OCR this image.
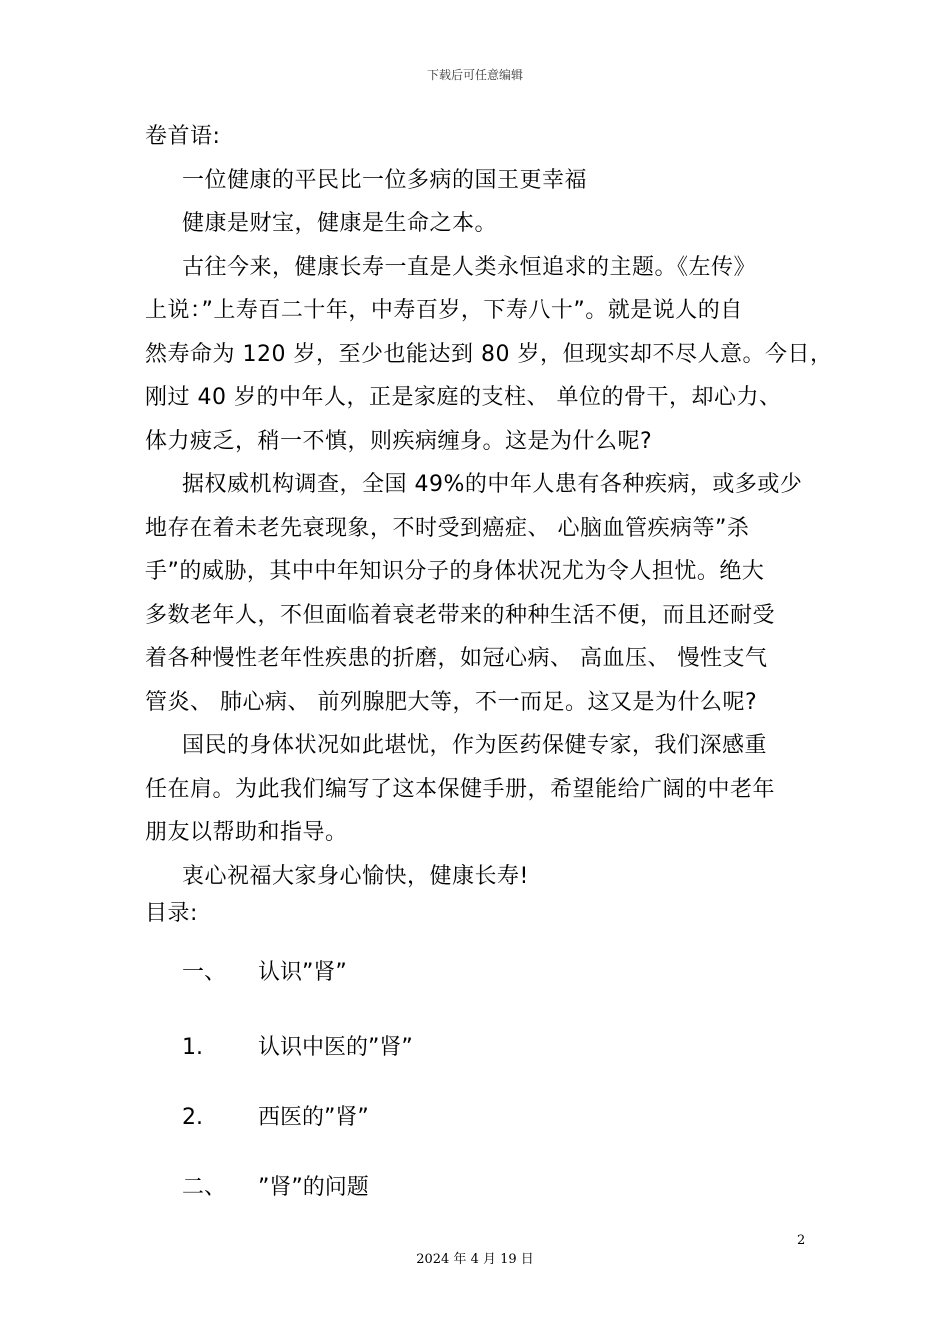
下载后可任意编辑
卷首语:
一位健康的平民比一位多病的国王更幸福
健康是财宝，健康是生命之本。
古往今来，健康长寿一直是人类永恒追求的主题。《左传》
上说：”上寿百二十年，中寿百岁，下寿八十”。就是说人的自
然寿命为 120 岁，至少也能达到 80 岁，但现实却不尽人意。今日，
刚过 40 岁的中年人，正是家庭的支柱、 单位的骨干，却心力、
体力疲乏，稍一不慎，则疾病缠身。这是为什么呢?
据权威机构调查，全国 49%的中年人患有各种疾病，或多或少
地存在着未老先衰现象，不时受到癌症、 心脑血管疾病等”杀
手”的威胁，其中中年知识分子的身体状况尤为令人担忧。绝大
多数老年人，不但面临着衰老带来的种种生活不便，而且还耐受
着各种慢性老年性疾患的折磨，如冠心病、 高血压、 慢性支气
管炎、 肺心病、 前列腺肥大等，不一而足。这又是为什么呢?
国民的身体状况如此堪忧，作为医药保健专家，我们深感重
任在肩。为此我们编写了这本保健手册，希望能给广阔的中老年
朋友以帮助和指导。
衷心祝福大家身心愉快，健康长寿!
目录:
一、 认识”肾”
1.	认识中医的”肾”
2.	西医的”肾”
二、 ”肾”的问题
2
2024 年 4 月 19 日
